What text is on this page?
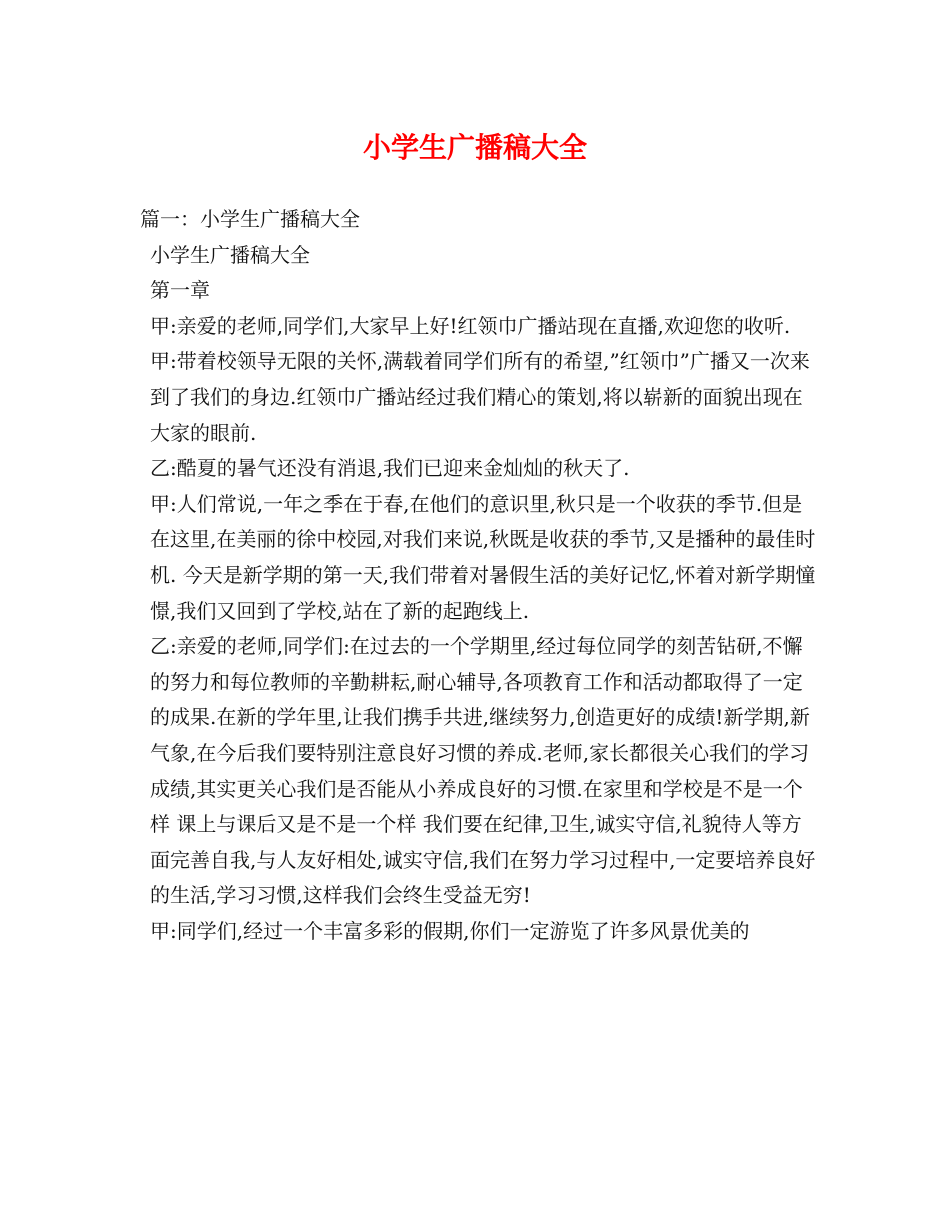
小学生广播稿大全

篇一：小学生广播稿大全

小学生广播稿大全

第一章

甲:亲爱的老师,同学们,大家早上好!红领巾广播站现在直播,欢迎您的收听.

甲:带着校领导无限的关怀,满载着同学们所有的希望,”红领巾”广播又一次来到了我们的身边.红领巾广播站经过我们精心的策划,将以崭新的面貌出现在大家的眼前.

乙:酷夏的暑气还没有消退,我们已迎来金灿灿的秋天了.

甲:人们常说,一年之季在于春,在他们的意识里,秋只是一个收获的季节.但是

在这里,在美丽的徐中校园,对我们来说,秋既是收获的季节,又是播种的最佳时机. 今天是新学期的第一天,我们带着对暑假生活的美好记忆,怀着对新学期憧憬,我们又回到了学校,站在了新的起跑线上.

乙:亲爱的老师,同学们:在过去的一个学期里,经过每位同学的刻苦钻研,不懈

的努力和每位教师的辛勤耕耘,耐心辅导,各项教育工作和活动都取得了一定的成果.在新的学年里,让我们携手共进,继续努力,创造更好的成绩!新学期,新气象,在今后我们要特别注意良好习惯的养成.老师,家长都很关心我们的学习成绩,其实更关心我们是否能从小养成良好的习惯.在家里和学校是不是一个样 课上与课后又是不是一个样 我们要在纪律,卫生,诚实守信,礼貌待人等方面完善自我,与人友好相处,诚实守信,我们在努力学习过程中,一定要培养良好的生活,学习习惯,这样我们会终生受益无穷!

甲:同学们,经过一个丰富多彩的假期,你们一定游览了许多风景优美的
